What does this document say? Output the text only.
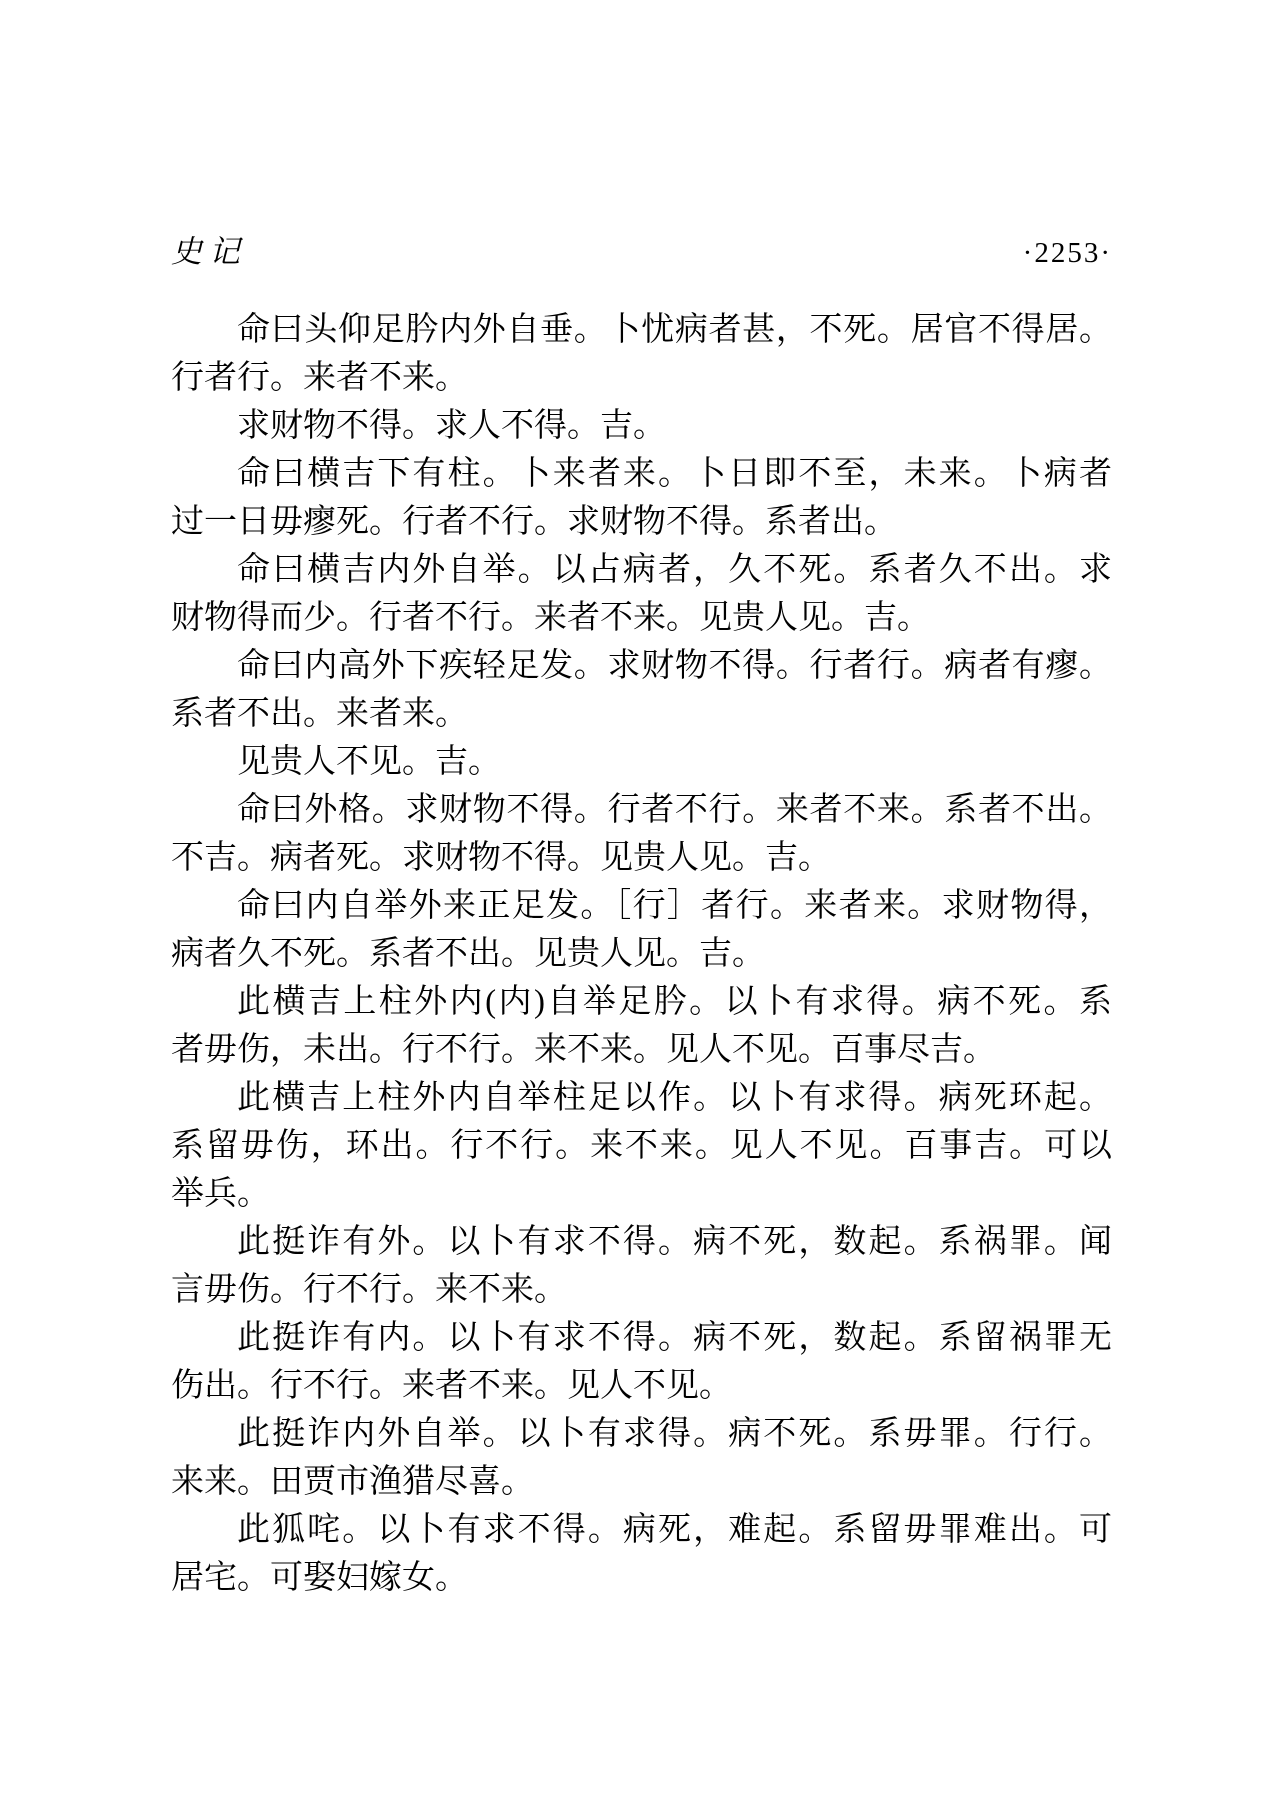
史记	·2253·

命曰头仰足肣内外自垂。卜忧病者甚，不死。居官不得居。
行者行。来者不来。

求财物不得。求人不得。吉。

命曰横吉下有柱。卜来者来。卜日即不至，未来。卜病者
过一日毋瘳死。行者不行。求财物不得。系者出。

命曰横吉内外自举。以占病者，久不死。系者久不出。求
财物得而少。行者不行。来者不来。见贵人见。吉。

命曰内高外下疾轻足发。求财物不得。行者行。病者有瘳。
系者不出。来者来。

见贵人不见。吉。

命曰外格。求财物不得。行者不行。来者不来。系者不出。
不吉。病者死。求财物不得。见贵人见。吉。

命曰内自举外来正足发。［行］者行。来者来。求财物得，
病者久不死。系者不出。见贵人见。吉。

此横吉上柱外内(内)自举足肣。以卜有求得。病不死。系
者毋伤，未出。行不行。来不来。见人不见。百事尽吉。

此横吉上柱外内自举柱足以作。以卜有求得。病死环起。
系留毋伤，环出。行不行。来不来。见人不见。百事吉。可以
举兵。

此挺诈有外。以卜有求不得。病不死，数起。系祸罪。闻
言毋伤。行不行。来不来。

此挺诈有内。以卜有求不得。病不死，数起。系留祸罪无
伤出。行不行。来者不来。见人不见。

此挺诈内外自举。以卜有求得。病不死。系毋罪。行行。
来来。田贾市渔猎尽喜。

此狐咤。以卜有求不得。病死，难起。系留毋罪难出。可
居宅。可娶妇嫁女。
